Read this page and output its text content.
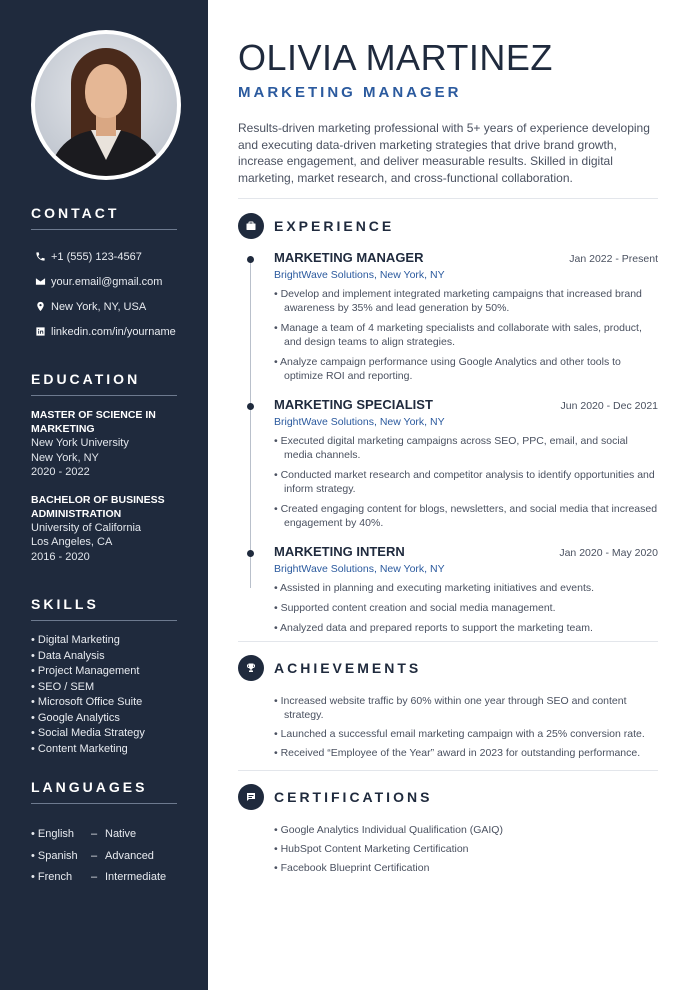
CONTACT
+1 (555) 123-4567
your.email@gmail.com
New York, NY, USA
linkedin.com/in/yourname
EDUCATION
MASTER OF SCIENCE IN MARKETING
New York University
New York, NY
2020 - 2022
BACHELOR OF BUSINESS ADMINISTRATION
University of California
Los Angeles, CA
2016 - 2020
SKILLS
• Digital Marketing
• Data Analysis
• Project Management
• SEO / SEM
• Microsoft Office Suite
• Google Analytics
• Social Media Strategy
• Content Marketing
LANGUAGES
• English	– Native
• Spanish	– Advanced
• French	– Intermediate
OLIVIA MARTINEZ
MARKETING MANAGER

Results-driven marketing professional with 5+ years of experience developing and executing data-driven marketing strategies that drive brand growth, increase engagement, and deliver measurable results. Skilled in digital marketing, market research, and cross-functional collaboration.

EXPERIENCE
MARKETING MANAGER	Jan 2022 - Present
BrightWave Solutions, New York, NY
• Develop and implement integrated marketing campaigns that increased brand awareness by 35% and lead generation by 50%.
• Manage a team of 4 marketing specialists and collaborate with sales, product, and design teams to align strategies.
• Analyze campaign performance using Google Analytics and other tools to optimize ROI and reporting.
MARKETING SPECIALIST	Jun 2020 - Dec 2021
BrightWave Solutions, New York, NY
• Executed digital marketing campaigns across SEO, PPC, email, and social media channels.
• Conducted market research and competitor analysis to identify opportunities and inform strategy.
• Created engaging content for blogs, newsletters, and social media that increased engagement by 40%.
MARKETING INTERN	Jan 2020 - May 2020
BrightWave Solutions, New York, NY
• Assisted in planning and executing marketing initiatives and events.
• Supported content creation and social media management.
• Analyzed data and prepared reports to support the marketing team.
ACHIEVEMENTS
• Increased website traffic by 60% within one year through SEO and content strategy.
• Launched a successful email marketing campaign with a 25% conversion rate.
• Received “Employee of the Year” award in 2023 for outstanding performance.
CERTIFICATIONS
• Google Analytics Individual Qualification (GAIQ)
• HubSpot Content Marketing Certification
• Facebook Blueprint Certification
